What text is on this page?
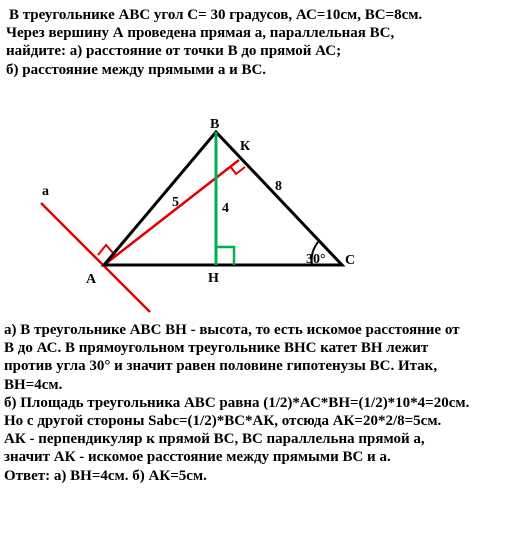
В треугольнике АВС угол С= 30 градусов, АС=10см, ВС=8см.
Через вершину А проведена прямая а, параллельная ВС,
найдите: а) расстояние от точки В до прямой АС;
б) расстояние между прямыми а и ВС.
а
А
В
С
Н
К
5	4
8
30°
а) В треугольнике АВС ВН - высота, то есть искомое расстояние от
В до АС. В прямоугольном треугольнике ВНС катет ВН лежит
против угла 30° и значит равен половине гипотенузы ВС. Итак,
ВН=4см.
б) Площадь треугольника АВС равна (1/2)*АС*ВН=(1/2)*10*4=20см.
Но с другой стороны Sabc=(1/2)*ВС*АК, отсюда АК=20*2/8=5см.
АК - перпендикуляр к прямой ВС, ВС параллельна прямой а,
значит АК - искомое расстояние между прямыми ВС и а.
Ответ: а) ВН=4см. б) АК=5см.
